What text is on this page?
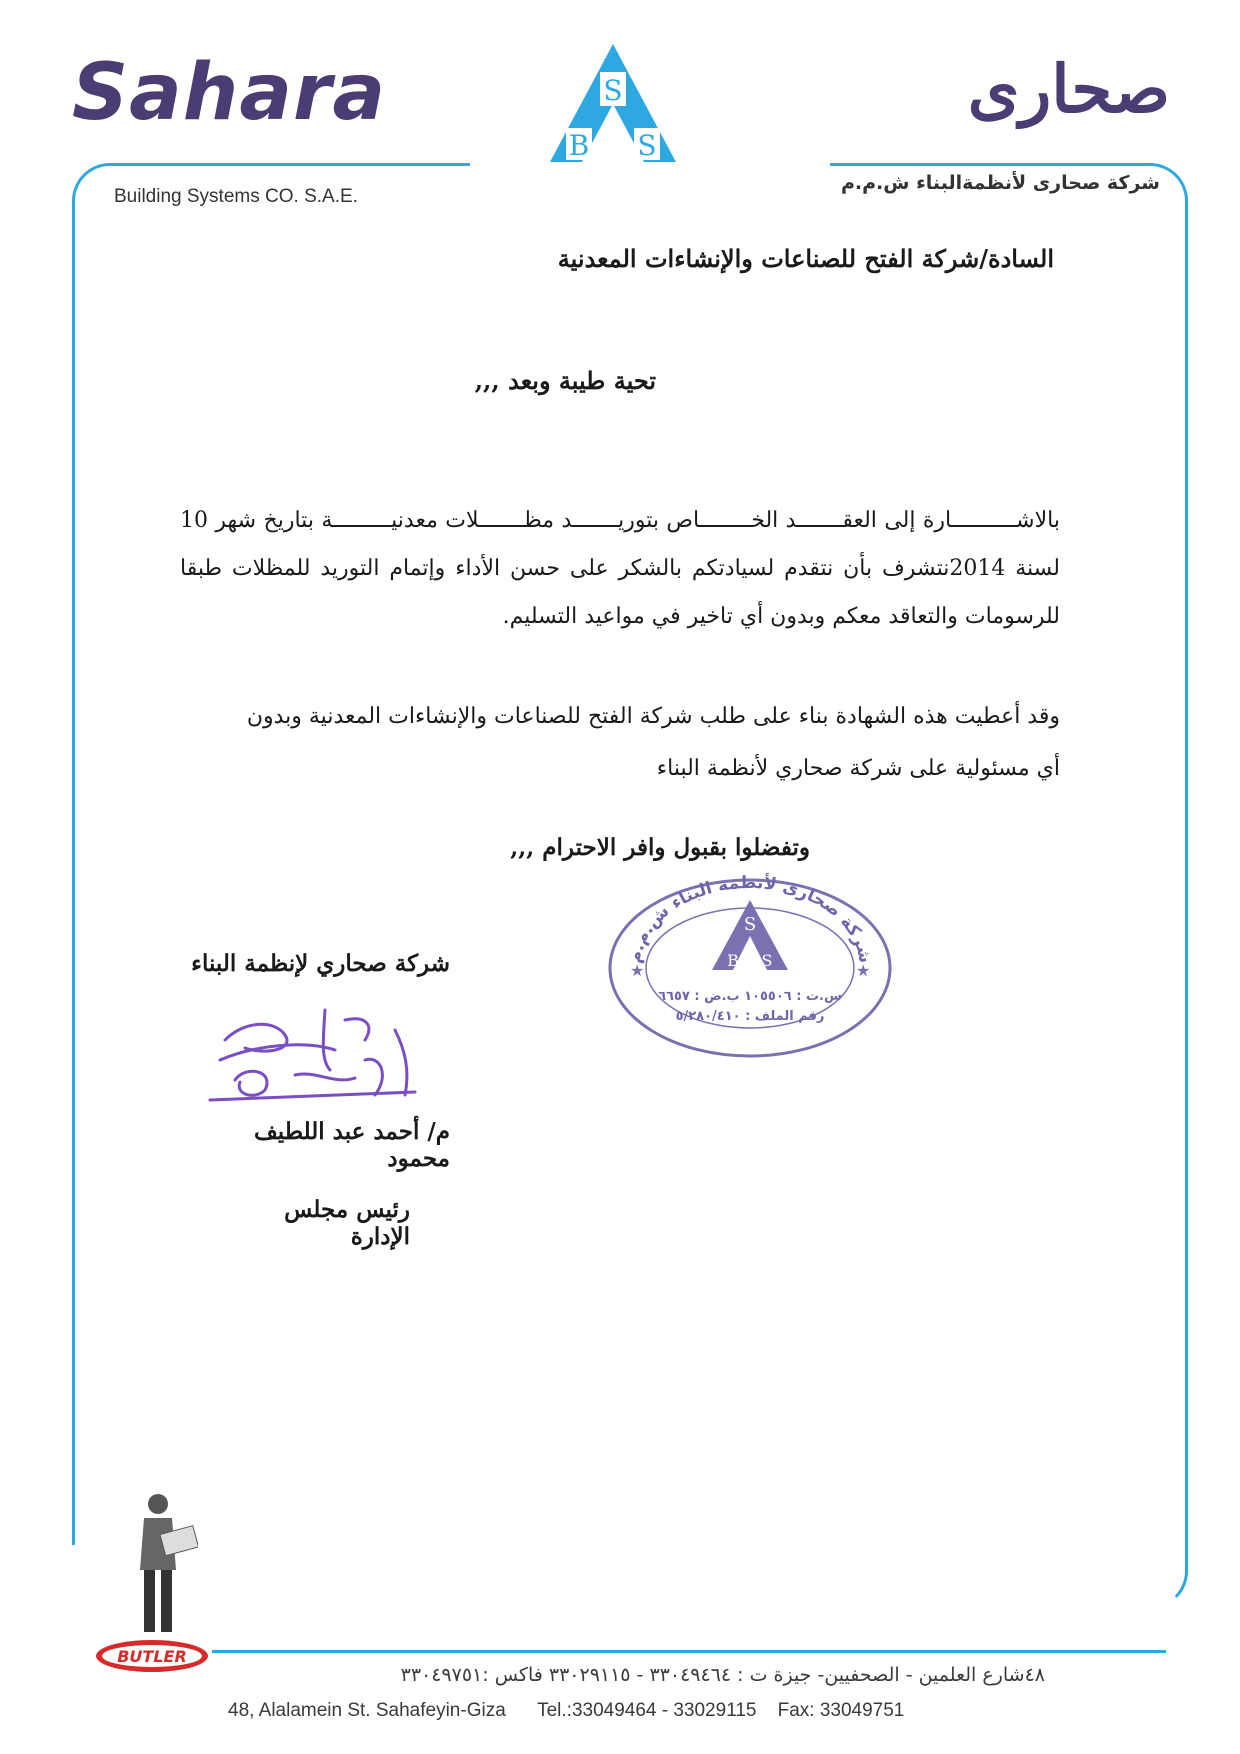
Sahara
Building Systems CO. S.A.E.
S
B S
صحارى
شركة صحارى لأنظمةالبناء ش.م.م
السادة/شركة الفتح للصناعات والإنشاءات المعدنية
تحية طيبة وبعد ,,,
بالاشــــــــــارة إلى العقـــــــد الخــــــــاص بتوريـــــــد مظـــــــلات معدنيـــــــــة بتاريخ شهر 10 لسنة 2014نتشرف بأن نتقدم لسيادتكم بالشكر على حسن الأداء وإتمام التوريد للمظلات طبقا للرسومات والتعاقد معكم وبدون أي تاخير في مواعيد التسليم.
وقد أعطيت هذه الشهادة بناء على طلب شركة الفتح للصناعات والإنشاءات المعدنية وبدون أي مسئولية على شركة صحاري لأنظمة البناء
وتفضلوا بقبول وافر الاحترام ,,,
شركة صحارى لأنظمة البناء ش.م.م
S
B S
★	★
س.ت : ١٠٥٥٠٦ ب.ض : ٦٦٥٧
رقم الملف : ٥/٢٨٠/٤١٠
شركة صحاري لإنظمة البناء
م/ أحمد عبد اللطيف محمود
رئيس مجلس الإدارة
BUTLER
٤٨شارع العلمين - الصحفيين- جيزة ت : ٣٣٠٤٩٤٦٤ - ٣٣٠٢٩١١٥ فاكس :٣٣٠٤٩٧٥١
48, Alalamein St. Sahafeyin-Giza      Tel.:33049464 - 33029115    Fax: 33049751
